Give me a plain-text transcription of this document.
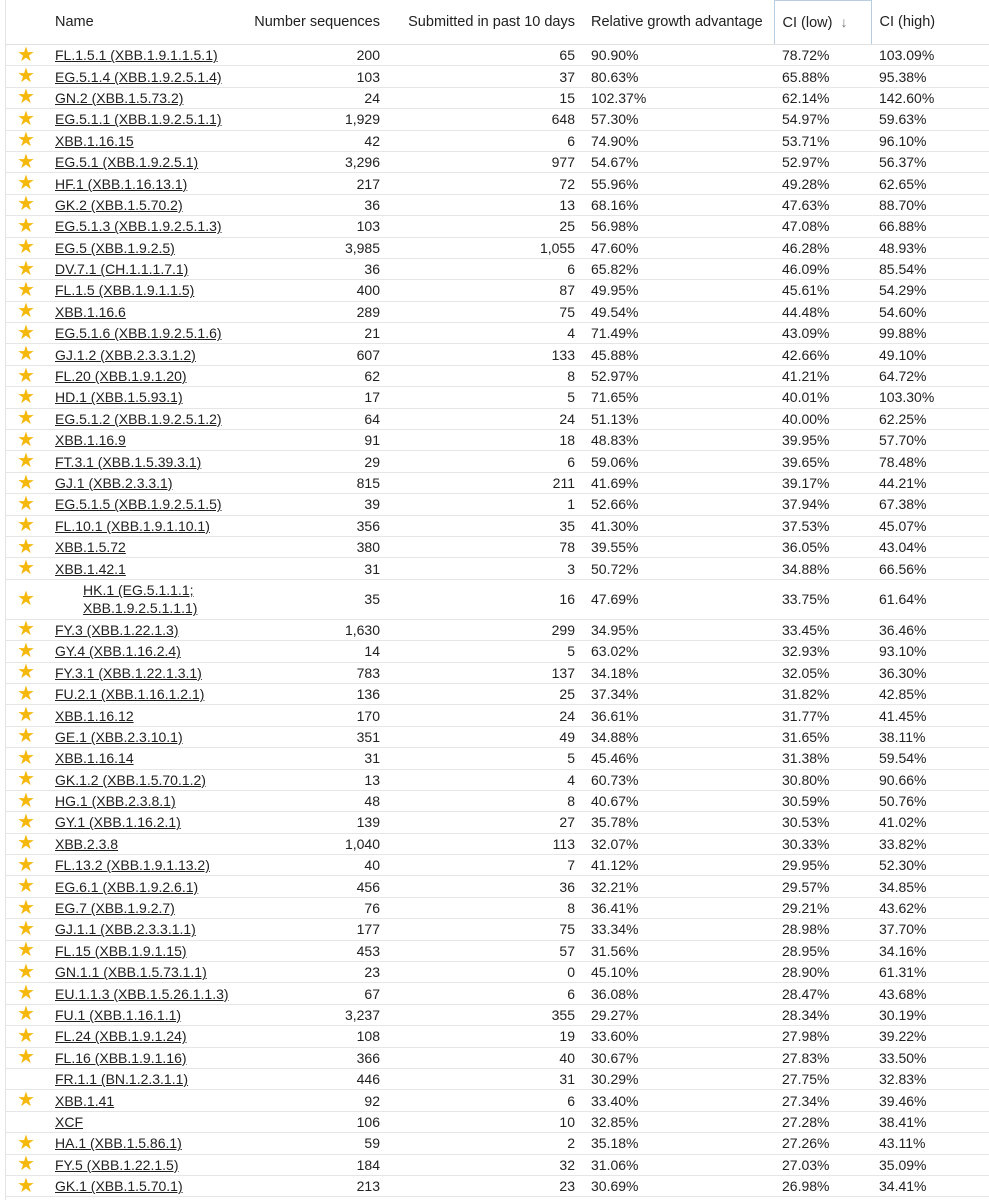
	Name	Number sequences	Submitted in past 10 days	Relative growth advantage	CI (low) ↓	CI (high)
★	FL.1.5.1 (XBB.1.9.1.1.5.1)	200	65	90.90%	78.72%	103.09%
★	EG.5.1.4 (XBB.1.9.2.5.1.4)	103	37	80.63%	65.88%	95.38%
★	GN.2 (XBB.1.5.73.2)	24	15	102.37%	62.14%	142.60%
★	EG.5.1.1 (XBB.1.9.2.5.1.1)	1,929	648	57.30%	54.97%	59.63%
★	XBB.1.16.15	42	6	74.90%	53.71%	96.10%
★	EG.5.1 (XBB.1.9.2.5.1)	3,296	977	54.67%	52.97%	56.37%
★	HF.1 (XBB.1.16.13.1)	217	72	55.96%	49.28%	62.65%
★	GK.2 (XBB.1.5.70.2)	36	13	68.16%	47.63%	88.70%
★	EG.5.1.3 (XBB.1.9.2.5.1.3)	103	25	56.98%	47.08%	66.88%
★	EG.5 (XBB.1.9.2.5)	3,985	1,055	47.60%	46.28%	48.93%
★	DV.7.1 (CH.1.1.1.7.1)	36	6	65.82%	46.09%	85.54%
★	FL.1.5 (XBB.1.9.1.1.5)	400	87	49.95%	45.61%	54.29%
★	XBB.1.16.6	289	75	49.54%	44.48%	54.60%
★	EG.5.1.6 (XBB.1.9.2.5.1.6)	21	4	71.49%	43.09%	99.88%
★	GJ.1.2 (XBB.2.3.3.1.2)	607	133	45.88%	42.66%	49.10%
★	FL.20 (XBB.1.9.1.20)	62	8	52.97%	41.21%	64.72%
★	HD.1 (XBB.1.5.93.1)	17	5	71.65%	40.01%	103.30%
★	EG.5.1.2 (XBB.1.9.2.5.1.2)	64	24	51.13%	40.00%	62.25%
★	XBB.1.16.9	91	18	48.83%	39.95%	57.70%
★	FT.3.1 (XBB.1.5.39.3.1)	29	6	59.06%	39.65%	78.48%
★	GJ.1 (XBB.2.3.3.1)	815	211	41.69%	39.17%	44.21%
★	EG.5.1.5 (XBB.1.9.2.5.1.5)	39	1	52.66%	37.94%	67.38%
★	FL.10.1 (XBB.1.9.1.10.1)	356	35	41.30%	37.53%	45.07%
★	XBB.1.5.72	380	78	39.55%	36.05%	43.04%
★	XBB.1.42.1	31	3	50.72%	34.88%	66.56%
★	HK.1 (EG.5.1.1.1;
XBB.1.9.2.5.1.1.1)	35	16	47.69%	33.75%	61.64%
★	FY.3 (XBB.1.22.1.3)	1,630	299	34.95%	33.45%	36.46%
★	GY.4 (XBB.1.16.2.4)	14	5	63.02%	32.93%	93.10%
★	FY.3.1 (XBB.1.22.1.3.1)	783	137	34.18%	32.05%	36.30%
★	FU.2.1 (XBB.1.16.1.2.1)	136	25	37.34%	31.82%	42.85%
★	XBB.1.16.12	170	24	36.61%	31.77%	41.45%
★	GE.1 (XBB.2.3.10.1)	351	49	34.88%	31.65%	38.11%
★	XBB.1.16.14	31	5	45.46%	31.38%	59.54%
★	GK.1.2 (XBB.1.5.70.1.2)	13	4	60.73%	30.80%	90.66%
★	HG.1 (XBB.2.3.8.1)	48	8	40.67%	30.59%	50.76%
★	GY.1 (XBB.1.16.2.1)	139	27	35.78%	30.53%	41.02%
★	XBB.2.3.8	1,040	113	32.07%	30.33%	33.82%
★	FL.13.2 (XBB.1.9.1.13.2)	40	7	41.12%	29.95%	52.30%
★	EG.6.1 (XBB.1.9.2.6.1)	456	36	32.21%	29.57%	34.85%
★	EG.7 (XBB.1.9.2.7)	76	8	36.41%	29.21%	43.62%
★	GJ.1.1 (XBB.2.3.3.1.1)	177	75	33.34%	28.98%	37.70%
★	FL.15 (XBB.1.9.1.15)	453	57	31.56%	28.95%	34.16%
★	GN.1.1 (XBB.1.5.73.1.1)	23	0	45.10%	28.90%	61.31%
★	EU.1.1.3 (XBB.1.5.26.1.1.3)	67	6	36.08%	28.47%	43.68%
★	FU.1 (XBB.1.16.1.1)	3,237	355	29.27%	28.34%	30.19%
★	FL.24 (XBB.1.9.1.24)	108	19	33.60%	27.98%	39.22%
★	FL.16 (XBB.1.9.1.16)	366	40	30.67%	27.83%	33.50%
	FR.1.1 (BN.1.2.3.1.1)	446	31	30.29%	27.75%	32.83%
★	XBB.1.41	92	6	33.40%	27.34%	39.46%
	XCF	106	10	32.85%	27.28%	38.41%
★	HA.1 (XBB.1.5.86.1)	59	2	35.18%	27.26%	43.11%
★	FY.5 (XBB.1.22.1.5)	184	32	31.06%	27.03%	35.09%
★	GK.1 (XBB.1.5.70.1)	213	23	30.69%	26.98%	34.41%
